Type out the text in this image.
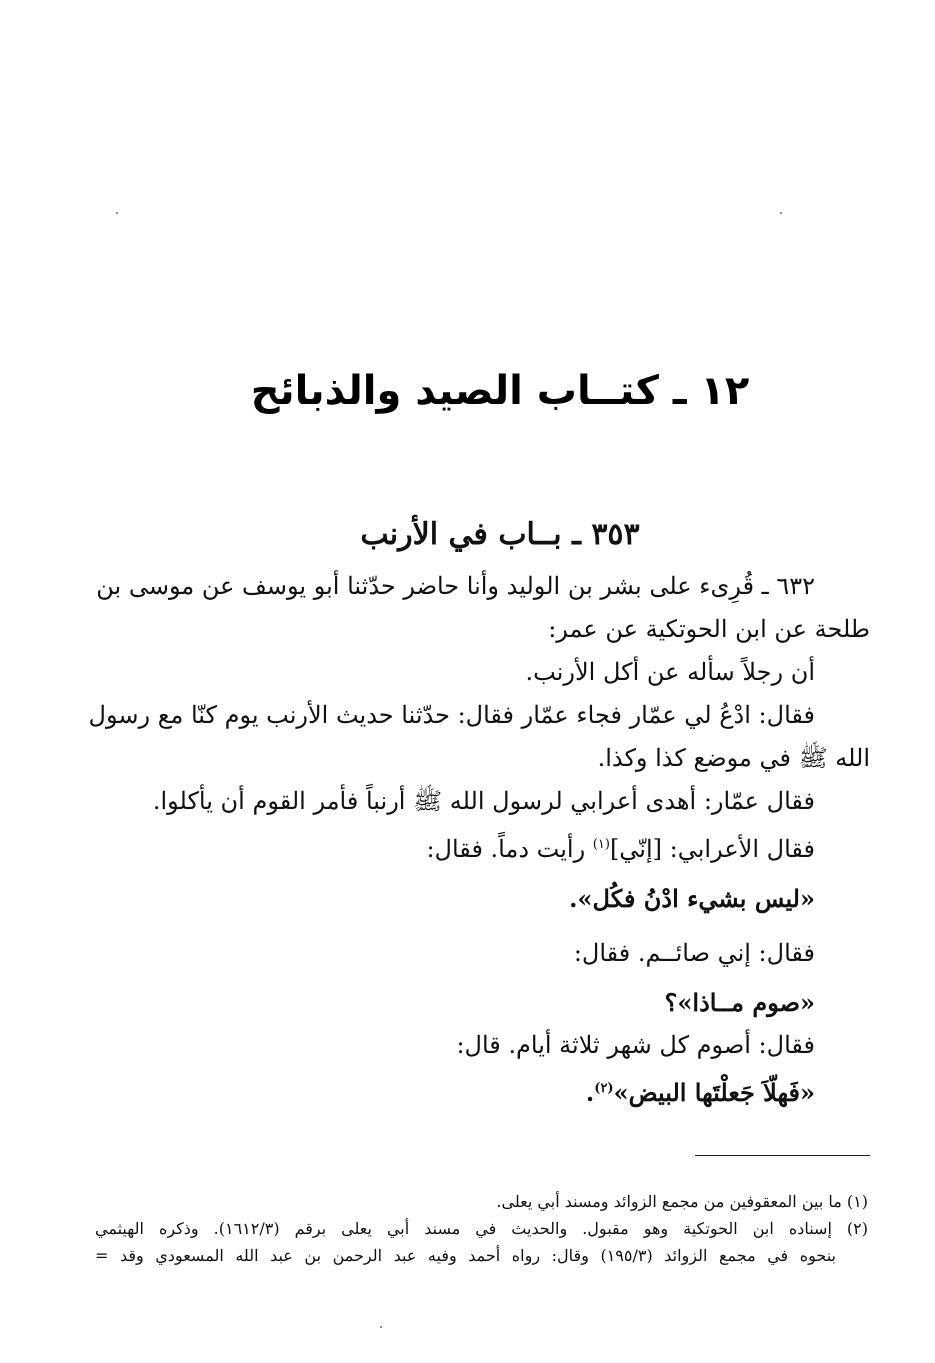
١٢ ـ كتــاب الصيد والذبائح
٣٥٣ ـ بــاب في الأرنب
٦٣٢ ـ قُرِىء على بشر بن الوليد وأنا حاضر حدّثنا أبو يوسف عن موسى بن
طلحة عن ابن الحوتكية عن عمر:
أن رجلاً سأله عن أكل الأرنب.
فقال: ادْعُ لي عمّار فجاء عمّار فقال: حدّثنا حديث الأرنب يوم كنّا مع رسول
الله ﷺ في موضع كذا وكذا.
فقال عمّار: أهدى أعرابي لرسول الله ﷺ أرنباً فأمر القوم أن يأكلوا.
فقال الأعرابي: [إنّي]$^{(١)}$ رأيت دماً. فقال:
«ليس بشيء ادْنُ فكُل».
فقال: إني صائــم. فقال:
«صوم مــاذا»؟
فقال: أصوم كل شهر ثلاثة أيام. قال:
«فَهلّاَ جَعلْتَها البيض»$^{(٢)}$.
(١) ما بين المعقوفين من مجمع الزوائد ومسند أبي يعلى.
(٢) إسناده ابن الحوتكية وهو مقبول. والحديث في مسند أبي يعلى برقم (١٦١٢/٣). وذكره الهيثمي
بنحوه في مجمع الزوائد (١٩٥/٣) وقال: رواه أحمد وفيه عبد الرحمن بن عبد الله المسعودي وقد =
